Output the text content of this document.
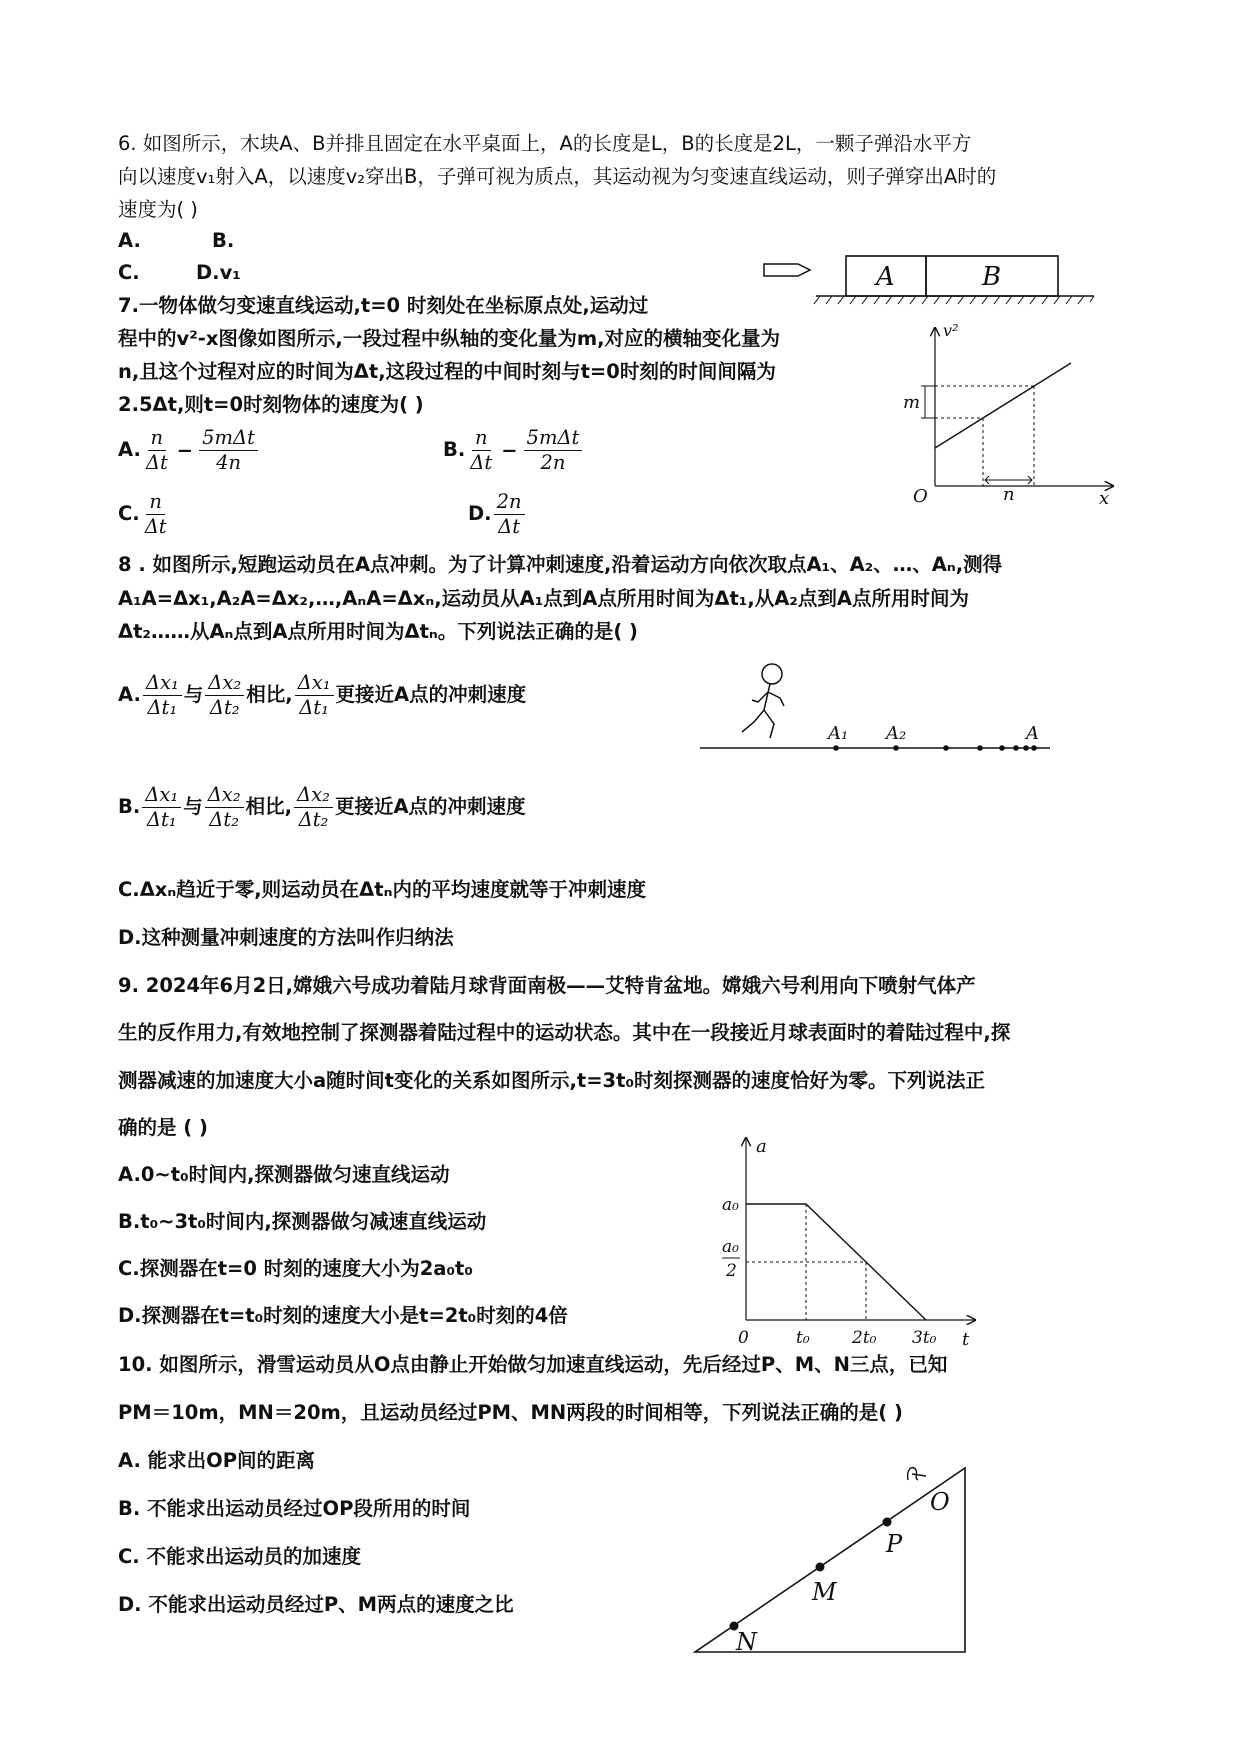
6. 如图所示，木块A、B并排且固定在水平桌面上，A的长度是L，B的长度是2L，一颗子弹沿水平方
向以速度v₁射入A，以速度v₂穿出B，子弹可视为质点，其运动视为匀变速直线运动，则子弹穿出A时的
速度为( )
A.	B.
C.	D.v₁	A	B
7.一物体做匀变速直线运动,t=0 时刻处在坐标原点处,运动过
程中的v²-x图像如图所示,一段过程中纵轴的变化量为m,对应的横轴变化量为
n,且这个过程对应的时间为Δt,这段过程的中间时刻与t=0时刻的时间间隔为
2.5Δt,则t=0时刻物体的速度为( )
A. $\frac{n}{\Delta t} - \frac{\text{5mΔt}}{4n}$	B. $\frac{n}{\Delta t} - \frac{\text{5mΔt}}{2n}$
C. $\frac{n}{\Delta t}$	D. $\frac{2n}{\Delta t}$
v²
x
O
m
n
8 . 如图所示,短跑运动员在A点冲刺。为了计算冲刺速度,沿着运动方向依次取点A₁、A₂、…、Aₙ,测得
A₁A=Δx₁,A₂A=Δx₂,…,AₙA=Δxₙ,运动员从A₁点到A点所用时间为Δt₁,从A₂点到A点所用时间为
Δt₂……从Aₙ点到A点所用时间为Δtₙ。下列说法正确的是( )
A. $\frac{\text{Δx₁}}{\text{Δt₁}}$ 与 $\frac{\text{Δx₂}}{\text{Δt₂}}$ 相比, $\frac{\text{Δx₁}}{\text{Δt₁}}$ 更接近A点的冲刺速度
A₁ A₂	A
B. $\frac{\text{Δx₁}}{\text{Δt₁}}$ 与 $\frac{\text{Δx₂}}{\text{Δt₂}}$ 相比, $\frac{\text{Δx₂}}{\text{Δt₂}}$ 更接近A点的冲刺速度
C.Δxₙ趋近于零,则运动员在Δtₙ内的平均速度就等于冲刺速度
D.这种测量冲刺速度的方法叫作归纳法
9. 2024年6月2日,嫦娥六号成功着陆月球背面南极——艾特肯盆地。嫦娥六号利用向下喷射气体产
生的反作用力,有效地控制了探测器着陆过程中的运动状态。其中在一段接近月球表面时的着陆过程中,探
测器减速的加速度大小a随时间t变化的关系如图所示,t=3t₀时刻探测器的速度恰好为零。下列说法正
确的是 ( )
A.0~t₀时间内,探测器做匀速直线运动
B.t₀~3t₀时间内,探测器做匀减速直线运动
C.探测器在t=0 时刻的速度大小为2a₀t₀
D.探测器在t=t₀时刻的速度大小是t=2t₀时刻的4倍
a
t
a₀
a₀
2
0	t₀ 2t₀ 3t₀
10. 如图所示，滑雪运动员从O点由静止开始做匀加速直线运动，先后经过P、M、N三点，已知
PM＝10m，MN＝20m，且运动员经过PM、MN两段的时间相等，下列说法正确的是( )
A. 能求出OP间的距离
B. 不能求出运动员经过OP段所用的时间
C. 不能求出运动员的加速度
D. 不能求出运动员经过P、M两点的速度之比
O
P
M
N
